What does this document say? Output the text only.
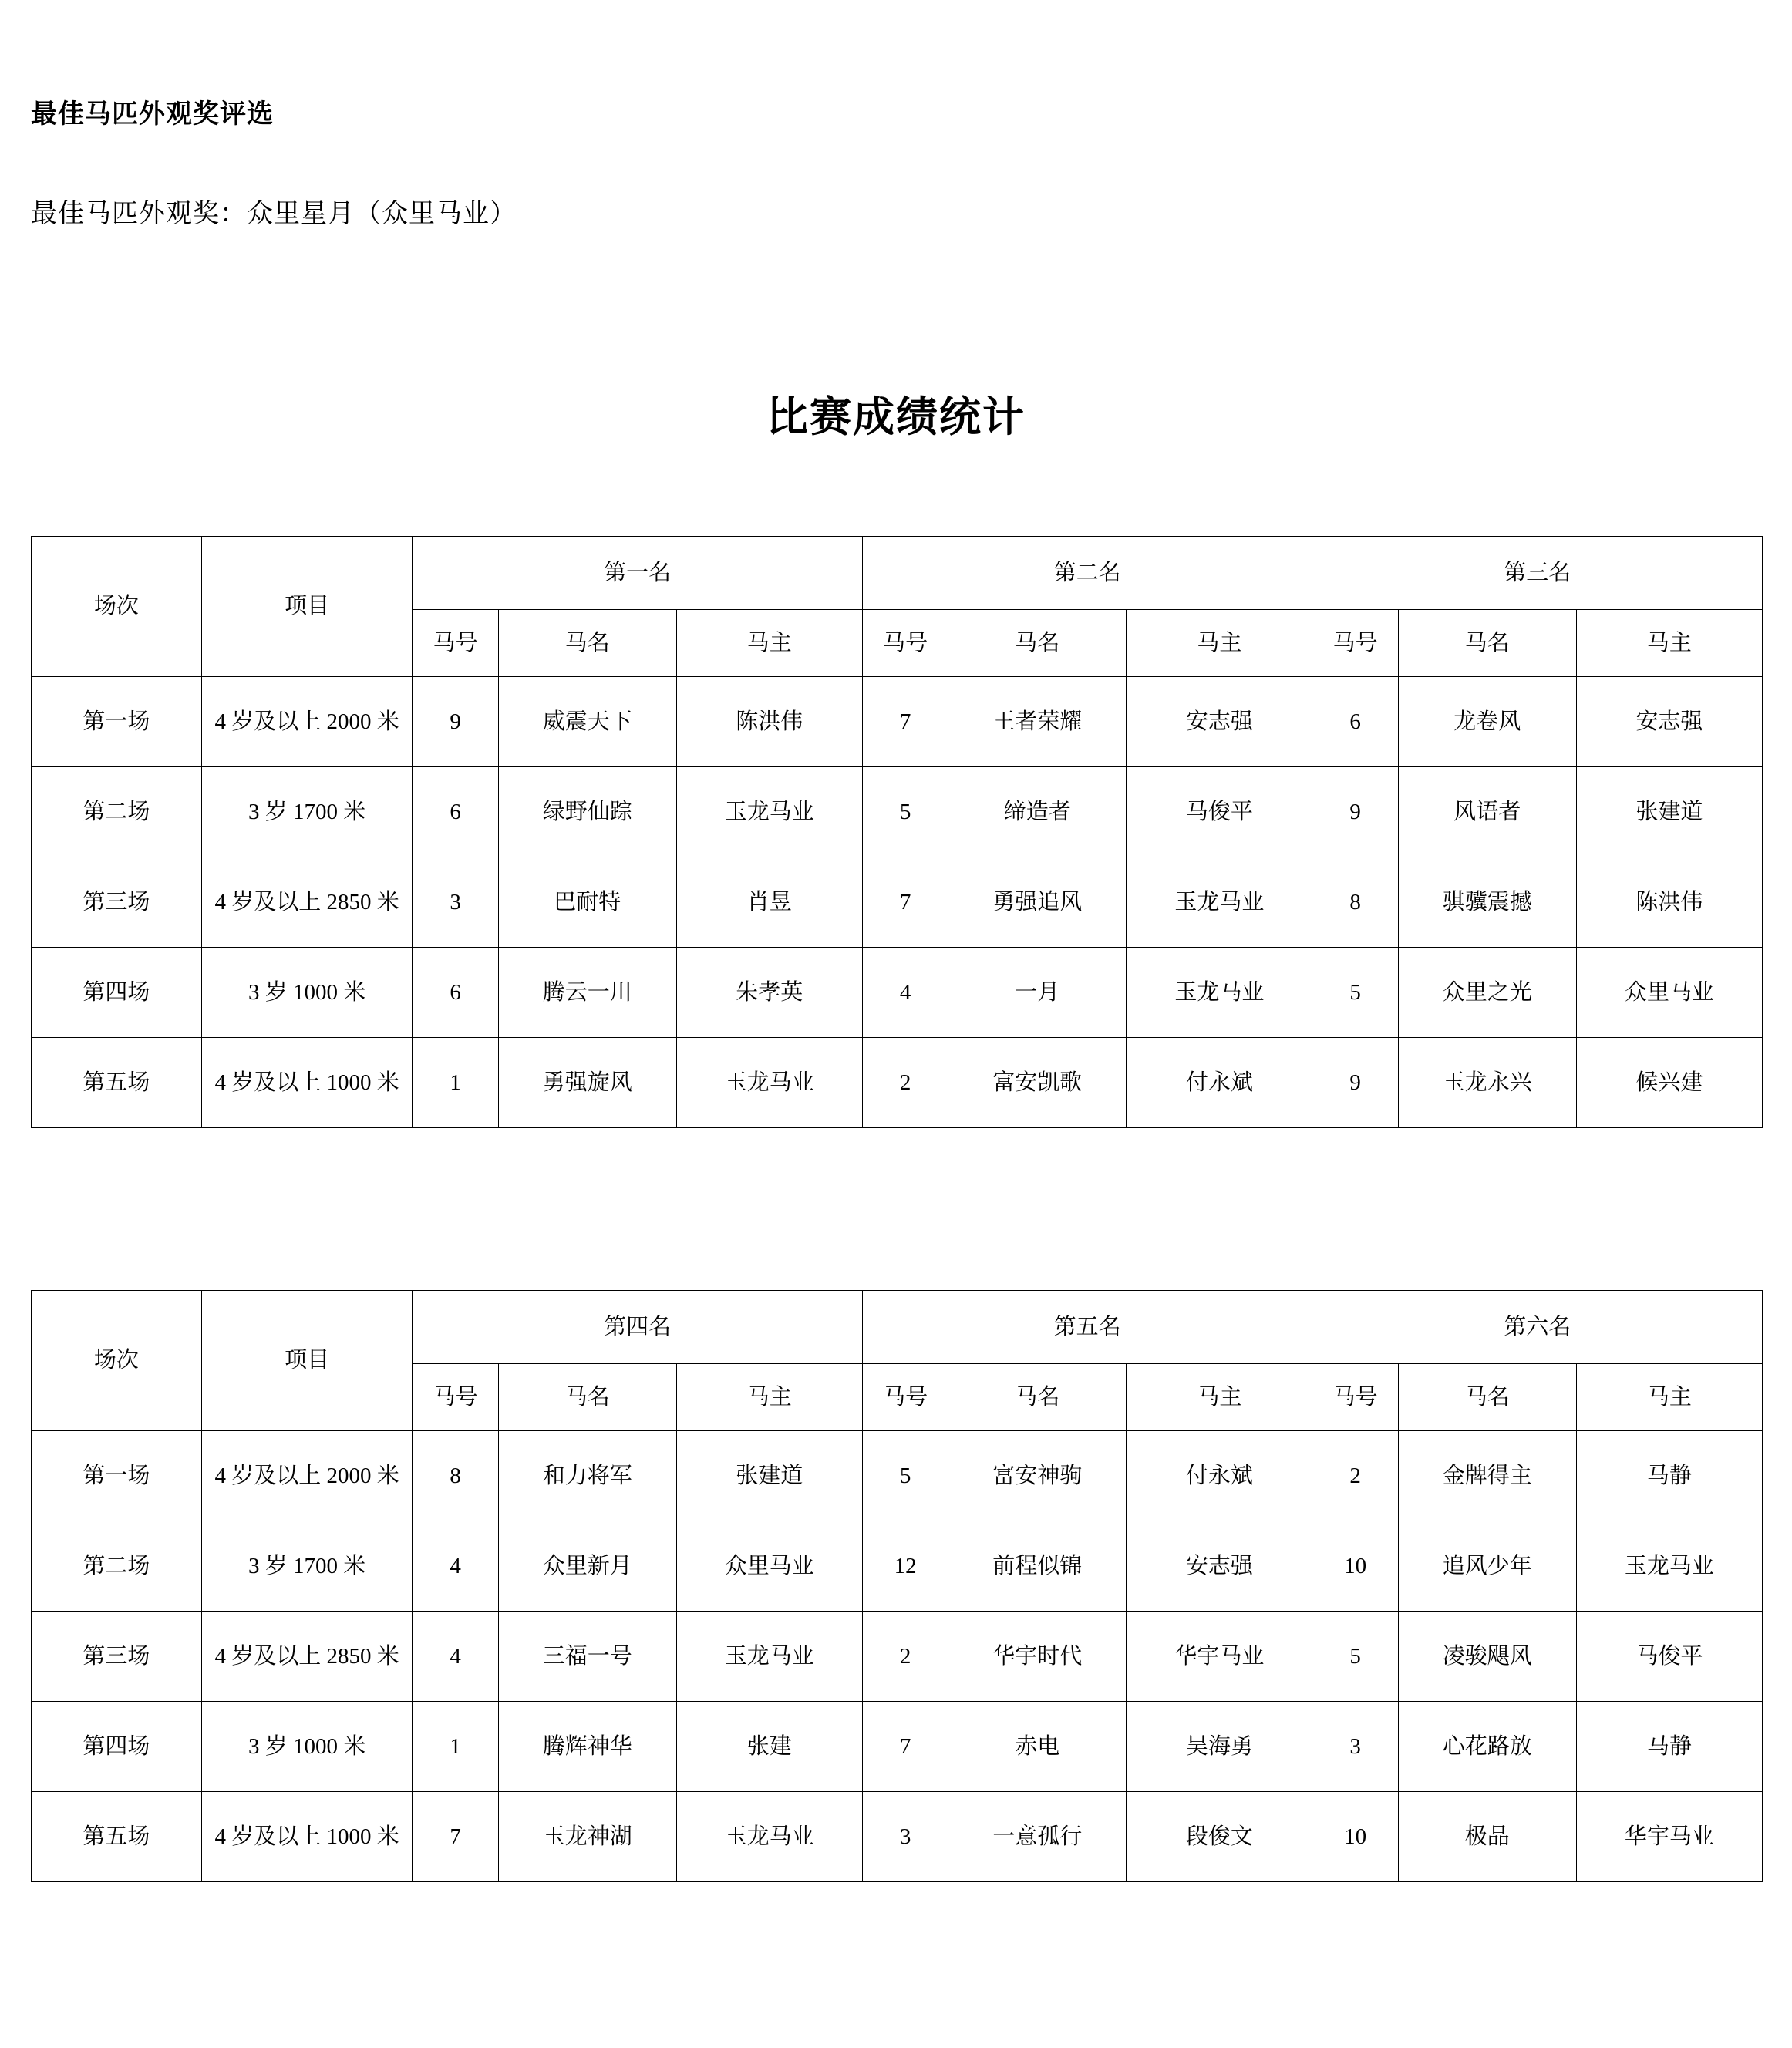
最佳马匹外观奖评选
最佳马匹外观奖：众里星月（众里马业）
比赛成绩统计
场次	项目	第一名			第二名			第三名		
		马号	马名	马主	马号	马名	马主	马号	马名	马主
第一场	4 岁及以上 2000 米	9	威震天下	陈洪伟	7	王者荣耀	安志强	6	龙卷风	安志强
第二场	3 岁 1700 米	6	绿野仙踪	玉龙马业	5	缔造者	马俊平	9	风语者	张建道
第三场	4 岁及以上 2850 米	3	巴耐特	肖昱	7	勇强追风	玉龙马业	8	骐骥震撼	陈洪伟
第四场	3 岁 1000 米	6	腾云一川	朱孝英	4	一月	玉龙马业	5	众里之光	众里马业
第五场	4 岁及以上 1000 米	1	勇强旋风	玉龙马业	2	富安凯歌	付永斌	9	玉龙永兴	候兴建
场次	项目	第四名			第五名			第六名		
		马号	马名	马主	马号	马名	马主	马号	马名	马主
第一场	4 岁及以上 2000 米	8	和力将军	张建道	5	富安神驹	付永斌	2	金牌得主	马静
第二场	3 岁 1700 米	4	众里新月	众里马业	12	前程似锦	安志强	10	追风少年	玉龙马业
第三场	4 岁及以上 2850 米	4	三福一号	玉龙马业	2	华宇时代	华宇马业	5	凌骏飓风	马俊平
第四场	3 岁 1000 米	1	腾辉神华	张建	7	赤电	吴海勇	3	心花路放	马静
第五场	4 岁及以上 1000 米	7	玉龙神湖	玉龙马业	3	一意孤行	段俊文	10	极品	华宇马业
